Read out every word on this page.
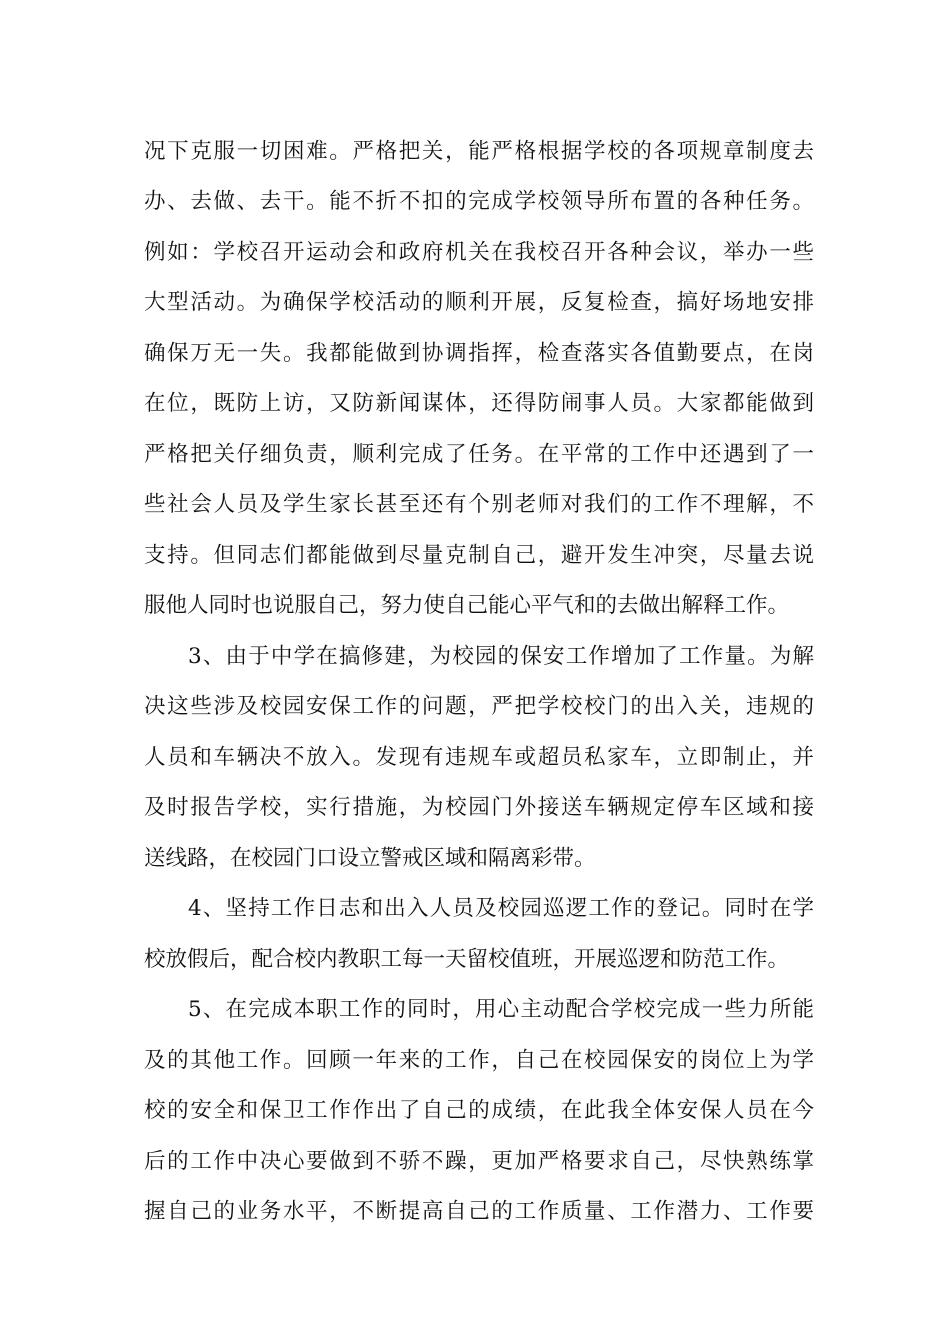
况下克服一切困难。严格把关，能严格根据学校的各项规章制度去
办、去做、去干。能不折不扣的完成学校领导所布置的各种任务。
例如：学校召开运动会和政府机关在我校召开各种会议，举办一些
大型活动。为确保学校活动的顺利开展，反复检查，搞好场地安排
确保万无一失。我都能做到协调指挥，检查落实各值勤要点，在岗
在位，既防上访，又防新闻谋体，还得防闹事人员。大家都能做到
严格把关仔细负责，顺利完成了任务。在平常的工作中还遇到了一
些社会人员及学生家长甚至还有个别老师对我们的工作不理解，不
支持。但同志们都能做到尽量克制自己，避开发生冲突，尽量去说
服他人同时也说服自己，努力使自己能心平气和的去做出解释工作。
3、由于中学在搞修建，为校园的保安工作增加了工作量。为解
决这些涉及校园安保工作的问题，严把学校校门的出入关，违规的
人员和车辆决不放入。发现有违规车或超员私家车，立即制止，并
及时报告学校，实行措施，为校园门外接送车辆规定停车区域和接
送线路，在校园门口设立警戒区域和隔离彩带。
4、坚持工作日志和出入人员及校园巡逻工作的登记。同时在学
校放假后，配合校内教职工每一天留校值班，开展巡逻和防范工作。
5、在完成本职工作的同时，用心主动配合学校完成一些力所能
及的其他工作。回顾一年来的工作，自己在校园保安的岗位上为学
校的安全和保卫工作作出了自己的成绩，在此我全体安保人员在今
后的工作中决心要做到不骄不躁，更加严格要求自己，尽快熟练掌
握自己的业务水平，不断提高自己的工作质量、工作潜力、工作要
